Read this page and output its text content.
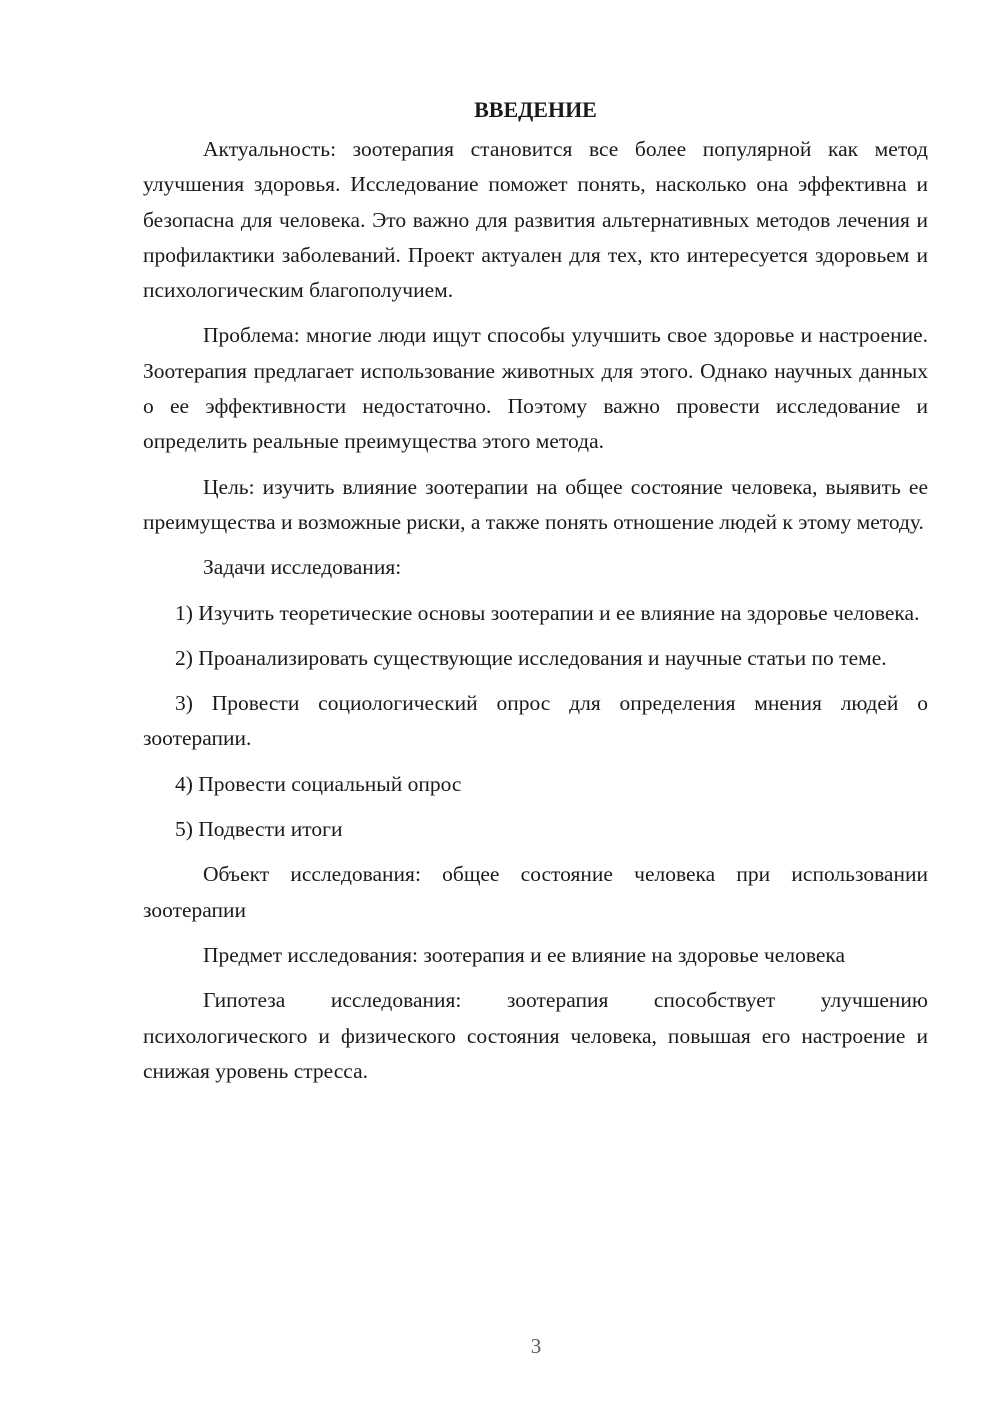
ВВЕДЕНИЕ

Актуальность: зоотерапия становится все более популярной как метод улучшения здоровья. Исследование поможет понять, насколько она эффективна и безопасна для человека. Это важно для развития альтернативных методов лечения и профилактики заболеваний. Проект актуален для тех, кто интересуется здоровьем и психологическим благополучием.

Проблема: многие люди ищут способы улучшить свое здоровье и настроение. Зоотерапия предлагает использование животных для этого. Однако научных данных о ее эффективности недостаточно. Поэтому важно провести исследование и определить реальные преимущества этого метода.

Цель: изучить влияние зоотерапии на общее состояние человека, выявить ее преимущества и возможные риски, а также понять отношение людей к этому методу.

Задачи исследования:

1) Изучить теоретические основы зоотерапии и ее влияние на здоровье человека.

2) Проанализировать существующие исследования и научные статьи по теме.

3) Провести социологический опрос для определения мнения людей о зоотерапии.

4) Провести социальный опрос

5) Подвести итоги

Объект исследования: общее состояние человека при использовании зоотерапии

Предмет исследования: зоотерапия и ее влияние на здоровье человека

Гипотеза исследования: зоотерапия способствует улучшению психологического и физического состояния человека, повышая его настроение и снижая уровень стресса.

3
